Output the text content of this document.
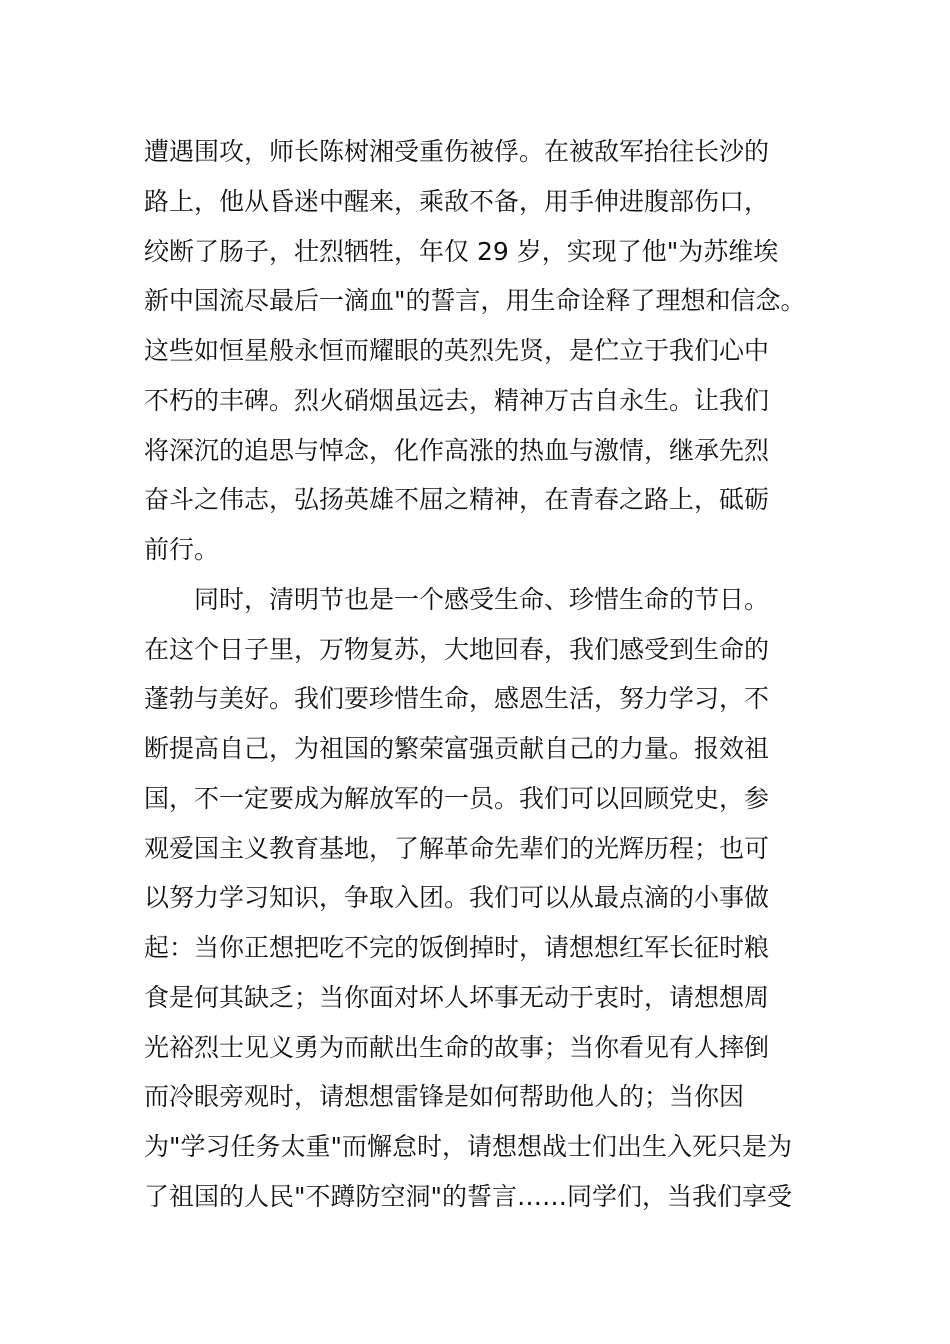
遭遇围攻，师长陈树湘受重伤被俘。在被敌军抬往长沙的
路上，他从昏迷中醒来，乘敌不备，用手伸进腹部伤口，
绞断了肠子，壮烈牺牲，年仅 29 岁，实现了他"为苏维埃
新中国流尽最后一滴血"的誓言，用生命诠释了理想和信念。
这些如恒星般永恒而耀眼的英烈先贤，是伫立于我们心中
不朽的丰碑。烈火硝烟虽远去，精神万古自永生。让我们
将深沉的追思与悼念，化作高涨的热血与激情，继承先烈
奋斗之伟志，弘扬英雄不屈之精神，在青春之路上，砥砺
前行。
同时，清明节也是一个感受生命、珍惜生命的节日。
在这个日子里，万物复苏，大地回春，我们感受到生命的
蓬勃与美好。我们要珍惜生命，感恩生活，努力学习，不
断提高自己，为祖国的繁荣富强贡献自己的力量。报效祖
国，不一定要成为解放军的一员。我们可以回顾党史，参
观爱国主义教育基地，了解革命先辈们的光辉历程；也可
以努力学习知识，争取入团。我们可以从最点滴的小事做
起：当你正想把吃不完的饭倒掉时，请想想红军长征时粮
食是何其缺乏；当你面对坏人坏事无动于衷时，请想想周
光裕烈士见义勇为而献出生命的故事；当你看见有人摔倒
而冷眼旁观时，请想想雷锋是如何帮助他人的；当你因
为"学习任务太重"而懈怠时，请想想战士们出生入死只是为
了祖国的人民"不蹲防空洞"的誓言……同学们，当我们享受
